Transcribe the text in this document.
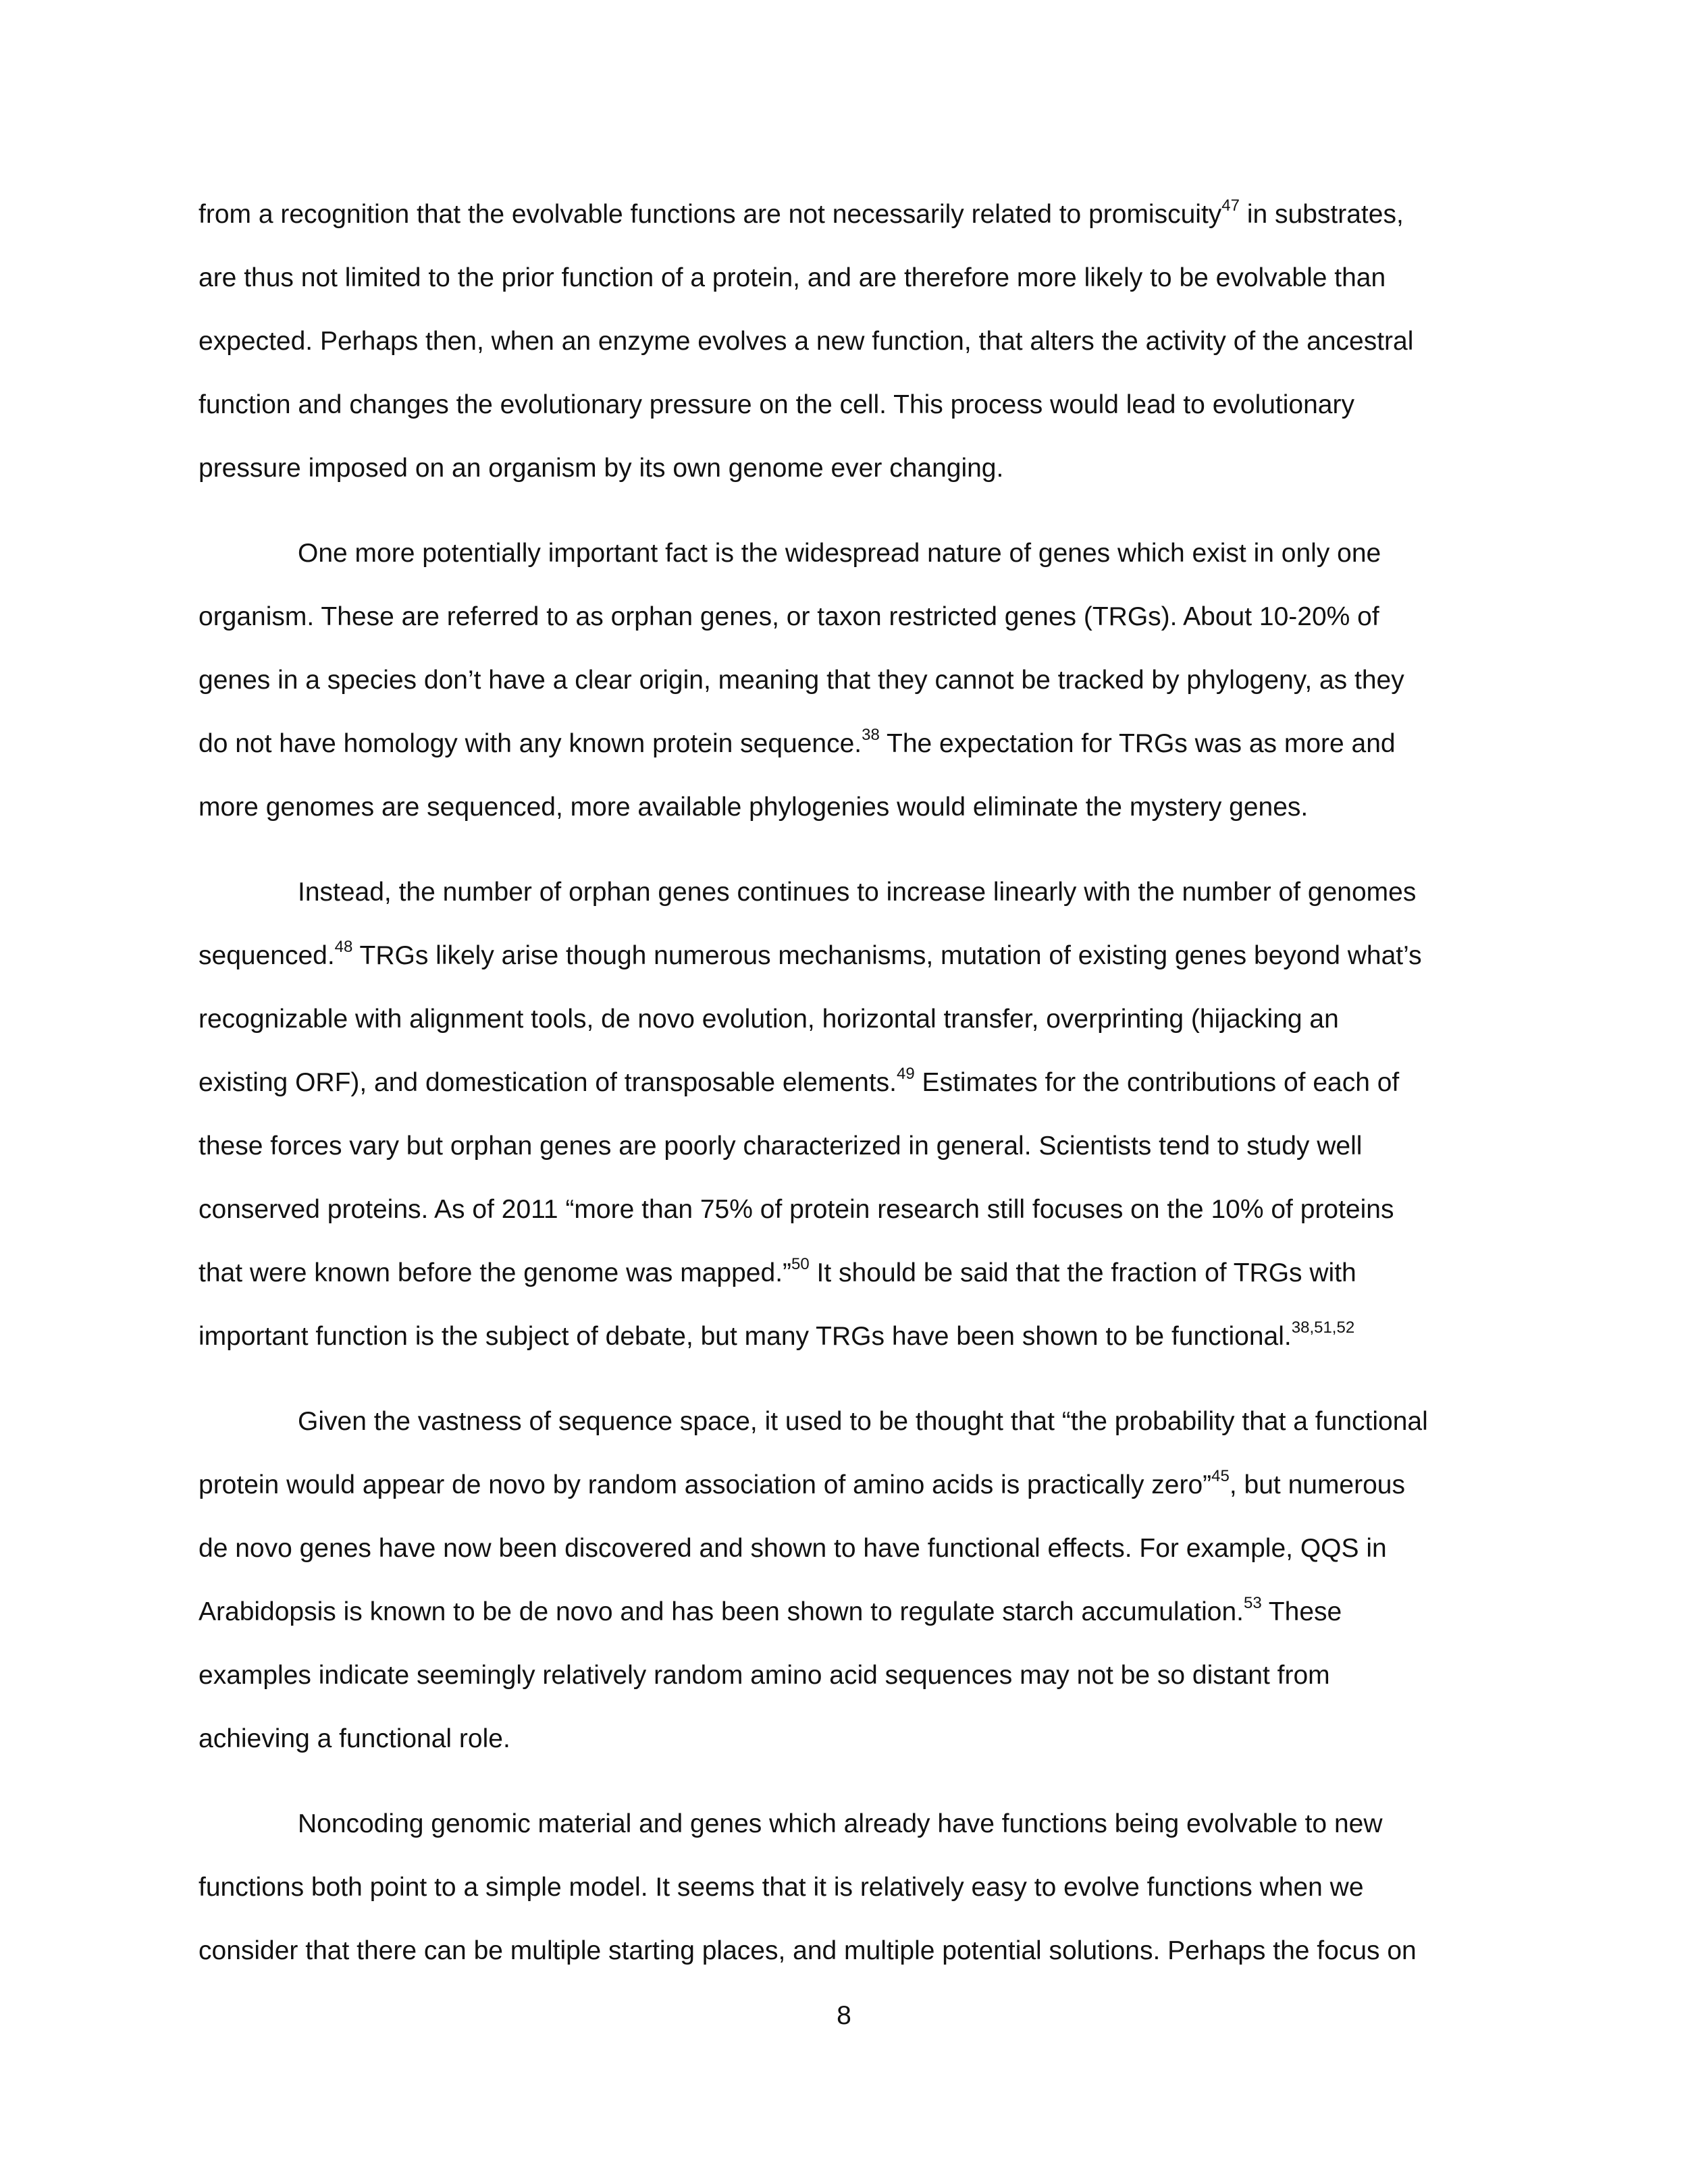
from a recognition that the evolvable functions are not necessarily related to promiscuity$^{47}$ in substrates,
are thus not limited to the prior function of a protein, and are therefore more likely to be evolvable than
expected. Perhaps then, when an enzyme evolves a new function, that alters the activity of the ancestral
function and changes the evolutionary pressure on the cell. This process would lead to evolutionary
pressure imposed on an organism by its own genome ever changing.
One more potentially important fact is the widespread nature of genes which exist in only one
organism. These are referred to as orphan genes, or taxon restricted genes (TRGs). About 10-20% of
genes in a species don’t have a clear origin, meaning that they cannot be tracked by phylogeny, as they
do not have homology with any known protein sequence.$^{38}$ The expectation for TRGs was as more and
more genomes are sequenced, more available phylogenies would eliminate the mystery genes.
Instead, the number of orphan genes continues to increase linearly with the number of genomes
sequenced.$^{48}$ TRGs likely arise though numerous mechanisms, mutation of existing genes beyond what’s
recognizable with alignment tools, de novo evolution, horizontal transfer, overprinting (hijacking an
existing ORF), and domestication of transposable elements.$^{49}$ Estimates for the contributions of each of
these forces vary but orphan genes are poorly characterized in general. Scientists tend to study well
conserved proteins. As of 2011 “more than 75% of protein research still focuses on the 10% of proteins
that were known before the genome was mapped.”$^{50}$ It should be said that the fraction of TRGs with
important function is the subject of debate, but many TRGs have been shown to be functional.$^{38,51,52}$
Given the vastness of sequence space, it used to be thought that “the probability that a functional
protein would appear de novo by random association of amino acids is practically zero”$^{45}$, but numerous
de novo genes have now been discovered and shown to have functional effects. For example, QQS in
Arabidopsis is known to be de novo and has been shown to regulate starch accumulation.$^{53}$ These
examples indicate seemingly relatively random amino acid sequences may not be so distant from
achieving a functional role.
Noncoding genomic material and genes which already have functions being evolvable to new
functions both point to a simple model. It seems that it is relatively easy to evolve functions when we
consider that there can be multiple starting places, and multiple potential solutions. Perhaps the focus on
8
